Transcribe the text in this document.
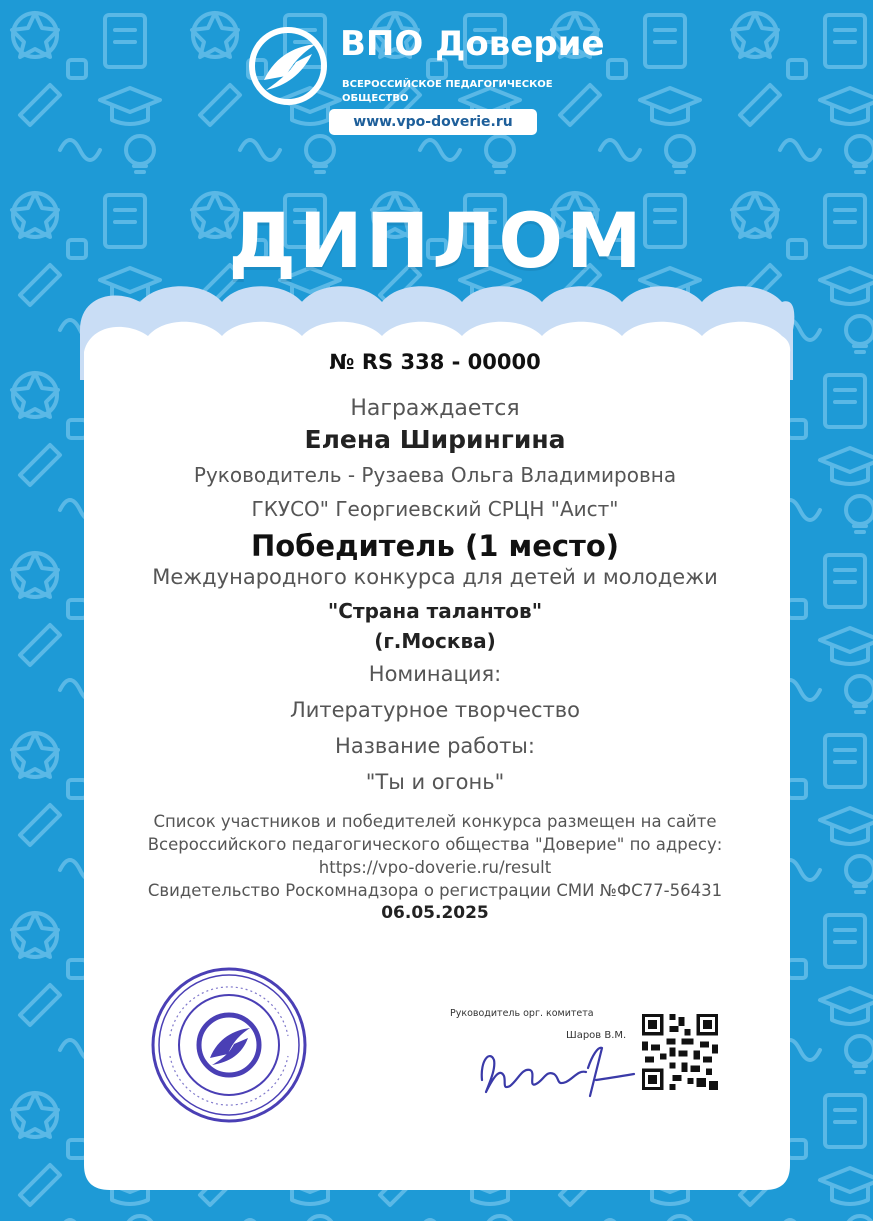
ВПО Доверие
ВСЕРОССИЙСКОЕ ПЕДАГОГИЧЕСКОЕ
ОБЩЕСТВО
www.vpo-doverie.ru
ДИПЛОМ
№ RS 338 - 00000
Награждается
Елена Ширингина
Руководитель - Рузаева Ольга Владимировна
ГКУСО" Георгиевский СРЦН "Аист"
Победитель (1 место)
Международного конкурса для детей и молодежи
"Страна талантов"
(г.Москва)
Номинация:
Литературное творчество
Название работы:
"Ты и огонь"
Список участников и победителей конкурса размещен на сайте
Всероссийского педагогического общества "Доверие" по адресу:
https://vpo-doverie.ru/result
Свидетельство Роскомнадзора о регистрации СМИ №ФС77-56431
06.05.2025
Руководитель орг. комитета
Шаров В.М.
